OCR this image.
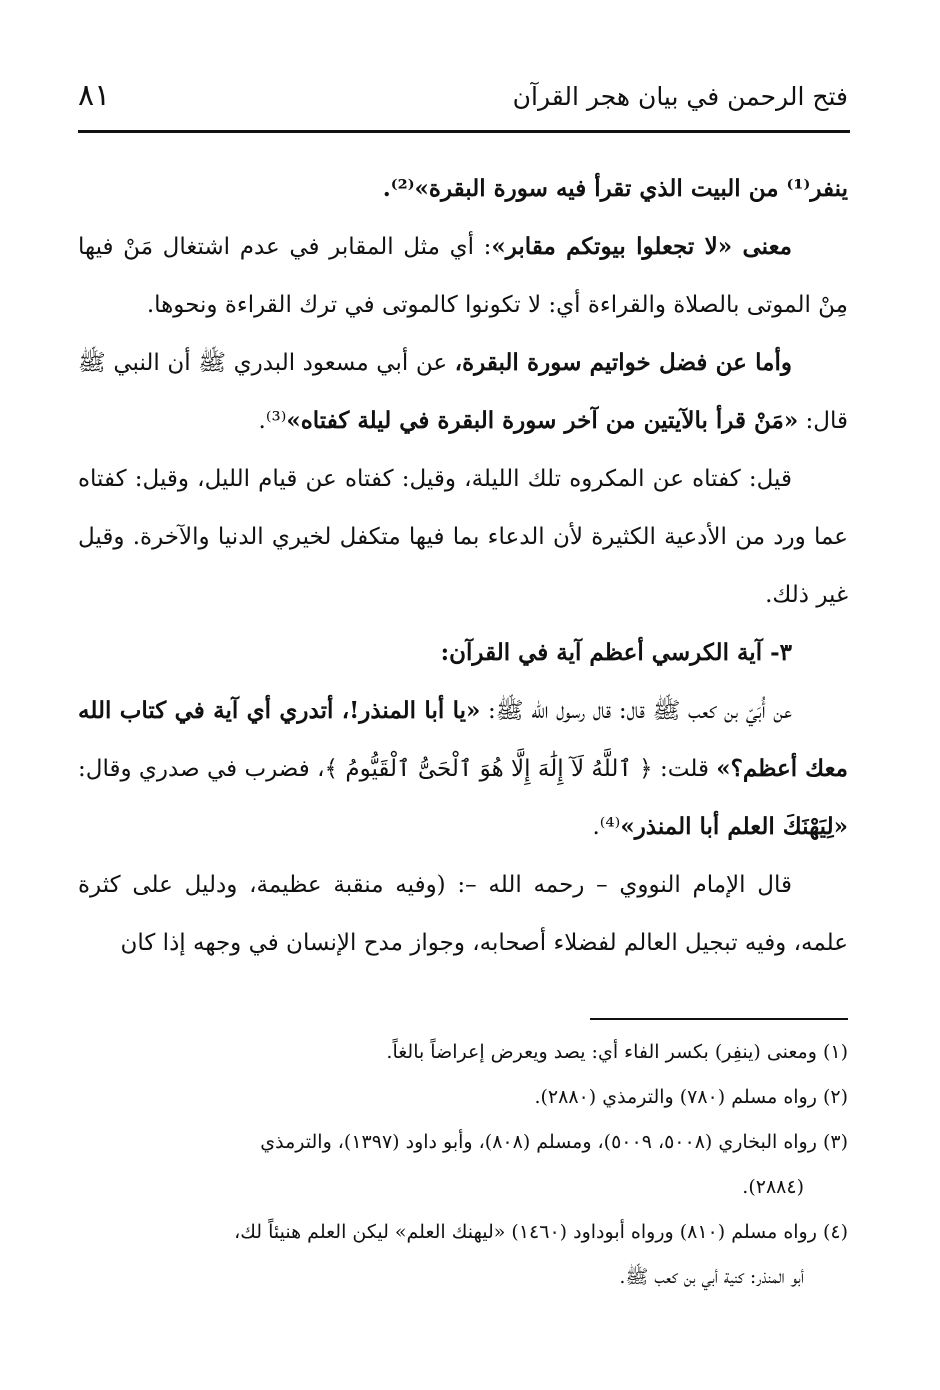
فتح الرحمن في بيان هجر القرآن
٨١

ينفر⁽¹⁾ من البيت الذي تقرأ فيه سورة البقرة»⁽²⁾.

معنى «لا تجعلوا بيوتكم مقابر»: أي مثل المقابر في عدم اشتغال مَنْ فيها مِنْ الموتى بالصلاة والقراءة أي: لا تكونوا كالموتى في ترك القراءة ونحوها.

وأما عن فضل خواتيم سورة البقرة، عن أبي مسعود البدري ﷺ أن النبي ﷺ قال: «مَنْ قرأ بالآيتين من آخر سورة البقرة في ليلة كفتاه»⁽³⁾.

قيل: كفتاه عن المكروه تلك الليلة، وقيل: كفتاه عن قيام الليل، وقيل: كفتاه عما ورد من الأدعية الكثيرة لأن الدعاء بما فيها متكفل لخيري الدنيا والآخرة. وقيل غير ذلك.

٣- آية الكرسي أعظم آية في القرآن:

عن أُبَيّ بن كعب ﷺ قال: قال رسول الله ﷺ: «يا أبا المنذر!، أتدري أي آية في كتاب الله معك أعظم؟» قلت: ﴿ ٱللَّهُ لَآ إِلَٰهَ إِلَّا هُوَ ٱلْحَىُّ ٱلْقَيُّومُ ﴾، فضرب في صدري وقال: «لِيَهْنَكَ العلم أبا المنذر»⁽⁴⁾.

قال الإمام النووي – رحمه الله –: (وفيه منقبة عظيمة، ودليل على كثرة علمه، وفيه تبجيل العالم لفضلاء أصحابه، وجواز مدح الإنسان في وجهه إذا كان

(١) ومعنى (ينفِر) بكسر الفاء أي: يصد ويعرض إعراضاً بالغاً.

(٢) رواه مسلم (٧٨٠) والترمذي (٢٨٨٠).

(٣) رواه البخاري (٥٠٠٨، ٥٠٠٩)، ومسلم (٨٠٨)، وأبو داود (١٣٩٧)، والترمذي

(٢٨٨٤).

(٤) رواه مسلم (٨١٠) ورواه أبوداود (١٤٦٠) «ليهنك العلم» ليكن العلم هنيئاً لك،

أبو المنذر: كنية أبي بن كعب ﷺ.
